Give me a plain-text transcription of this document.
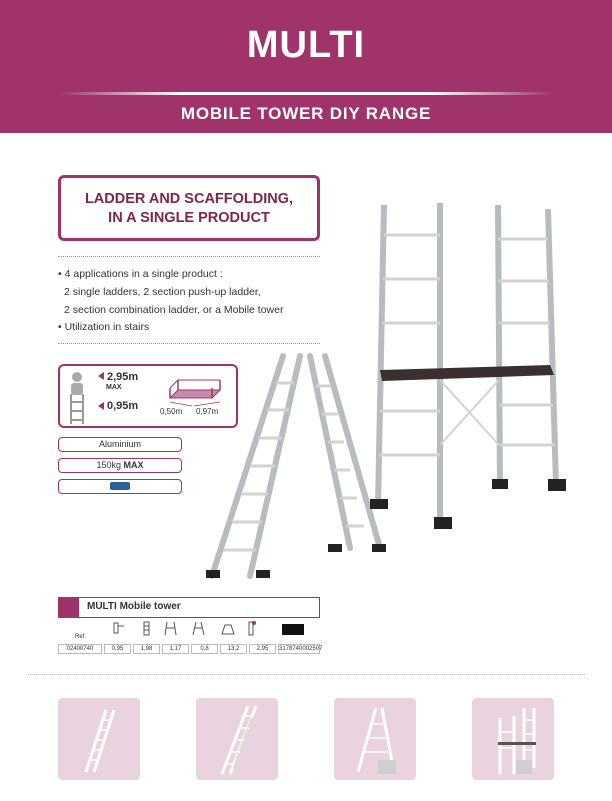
MULTI
MOBILE TOWER DIY RANGE
LADDER AND SCAFFOLDING,
IN A SINGLE PRODUCT
• 4 applications in a single product :
2 single ladders, 2 section push-up ladder,
2 section combination ladder, or a Mobile tower
• Utilization in stairs
2,95m
MAX
0,95m	0,50m 0,97m
Aluminium
150kg MAX
MULTI Mobile tower
Ref.
02400740	0,95	1,98	1,17	0,8	13,2	2,95	3178740002507
